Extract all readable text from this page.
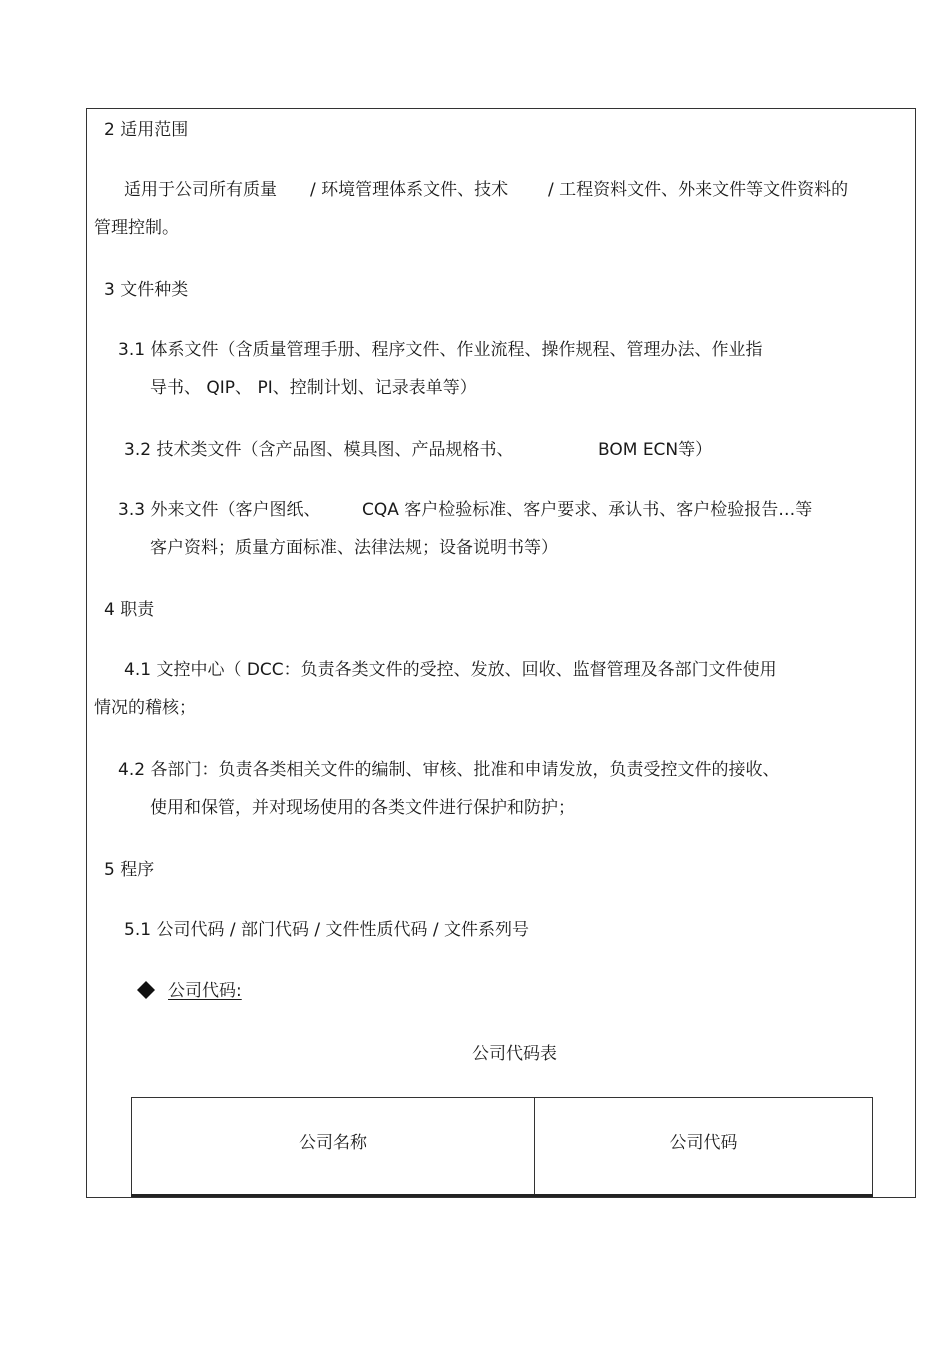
2 适用范围
适用于公司所有质量 / 环境管理体系文件、技术 / 工程资料文件、外来文件等文件资料的
管理控制。
3 文件种类
3.1 体系文件（含质量管理手册、程序文件、作业流程、操作规程、管理办法、作业指
导书、 QIP、 PI、控制计划、记录表单等）
3.2 技术类文件（含产品图、模具图、产品规格书、	BOM ECN等）
3.3 外来文件（客户图纸、 CQA 客户检验标准、客户要求、承认书、客户检验报告…等
客户资料；质量方面标准、法律法规；设备说明书等）
4 职责
4.1 文控中心（ DCC：负责各类文件的受控、发放、回收、监督管理及各部门文件使用
情况的稽核；
4.2 各部门：负责各类相关文件的编制、审核、批准和申请发放，负责受控文件的接收、
使用和保管，并对现场使用的各类文件进行保护和防护；
5 程序
5.1 公司代码 / 部门代码 / 文件性质代码 / 文件系列号
公司代码:
公司代码表
公司名称	公司代码
